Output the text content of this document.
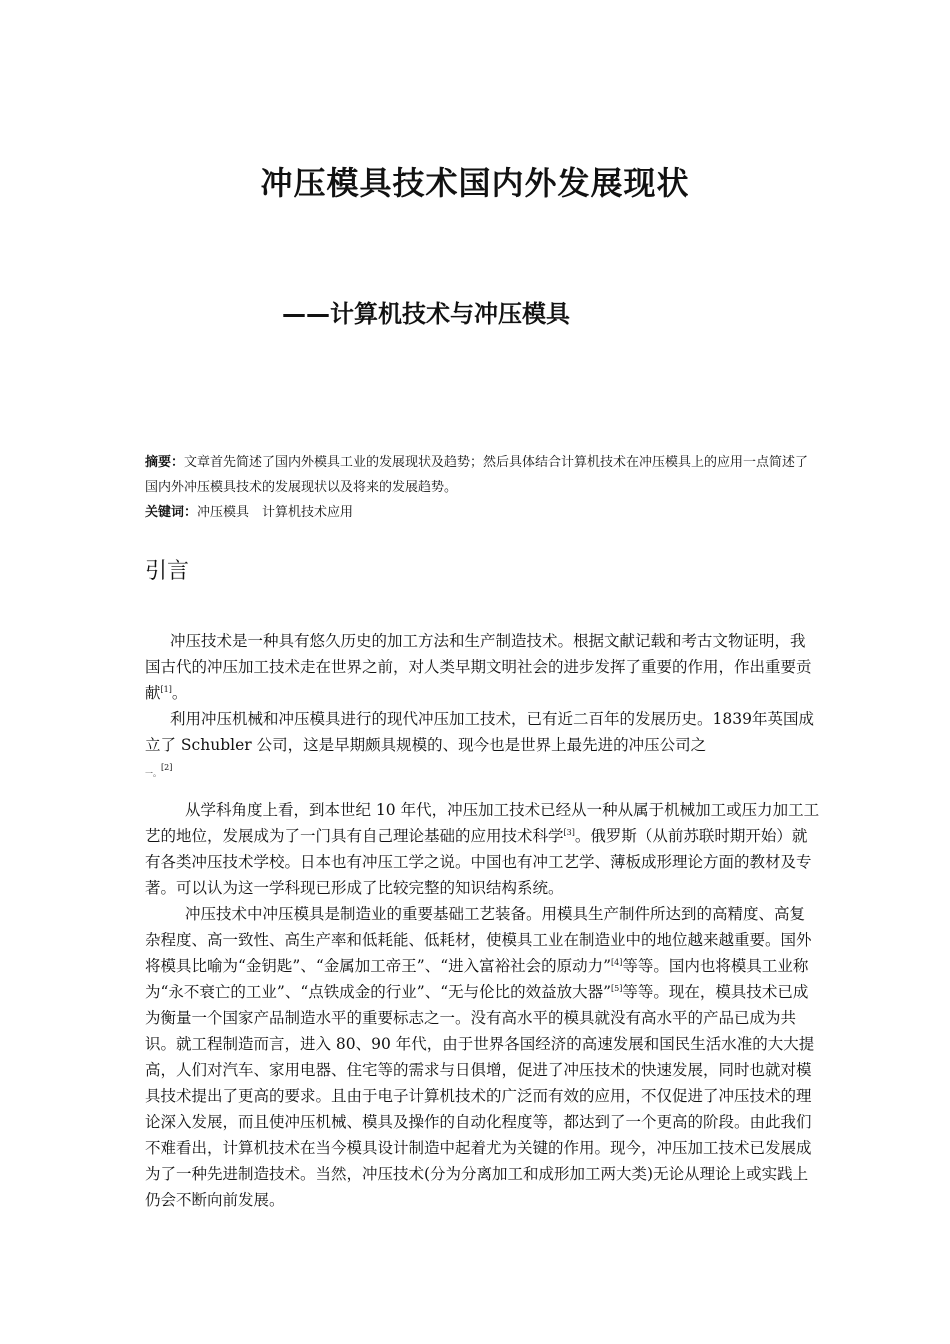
冲压模具技术国内外发展现状
——计算机技术与冲压模具
摘要：文章首先简述了国内外模具工业的发展现状及趋势；然后具体结合计算机技术在冲压模具上的应用一点简述了国内外冲压模具技术的发展现状以及将来的发展趋势。
关键词：冲压模具　计算机技术应用
引言

冲压技术是一种具有悠久历史的加工方法和生产制造技术。根据文献记载和考古文物证明，我国古代的冲压加工技术走在世界之前，对人类早期文明社会的进步发挥了重要的作用，作出重要贡献[1]。

利用冲压机械和冲压模具进行的现代冲压加工技术，已有近二百年的发展历史。1839年英国成立了 Schubler 公司，这是早期颇具规模的、现今也是世界上最先进的冲压公司之
一。[2]

从学科角度上看，到本世纪 10 年代，冲压加工技术已经从一种从属于机械加工或压力加工工艺的地位，发展成为了一门具有自己理论基础的应用技术科学[3]。俄罗斯（从前苏联时期开始）就有各类冲压技术学校。日本也有冲压工学之说。中国也有冲工艺学、薄板成形理论方面的教材及专著。可以认为这一学科现已形成了比较完整的知识结构系统。

冲压技术中冲压模具是制造业的重要基础工艺装备。用模具生产制件所达到的高精度、高复杂程度、高一致性、高生产率和低耗能、低耗材，使模具工业在制造业中的地位越来越重要。国外将模具比喻为“金钥匙”、“金属加工帝王”、“进入富裕社会的原动力”[4]等等。国内也将模具工业称为“永不衰亡的工业”、“点铁成金的行业”、“无与伦比的效益放大器”[5]等等。现在，模具技术已成为衡量一个国家产品制造水平的重要标志之一。没有高水平的模具就没有高水平的产品已成为共识。就工程制造而言，进入 80、90 年代，由于世界各国经济的高速发展和国民生活水准的大大提高，人们对汽车、家用电器、住宅等的需求与日俱增，促进了冲压技术的快速发展，同时也就对模具技术提出了更高的要求。且由于电子计算机技术的广泛而有效的应用，不仅促进了冲压技术的理论深入发展，而且使冲压机械、模具及操作的自动化程度等，都达到了一个更高的阶段。由此我们不难看出，计算机技术在当今模具设计制造中起着尤为关键的作用。现今，冲压加工技术已发展成为了一种先进制造技术。当然，冲压技术(分为分离加工和成形加工两大类)无论从理论上或实践上仍会不断向前发展。
